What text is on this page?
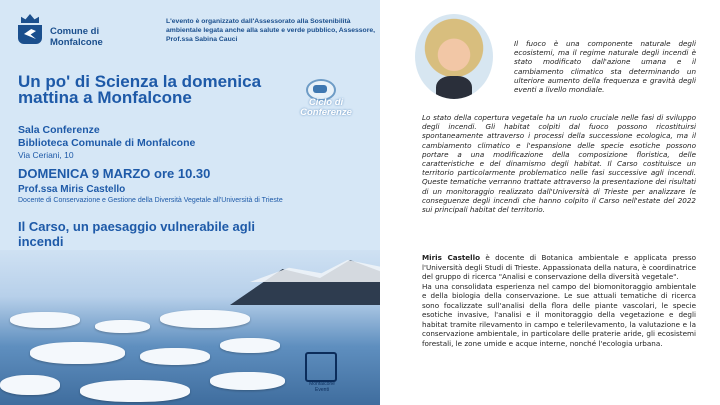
Comune di Monfalcone
L'evento è organizzato dall'Assessorato alla Sostenibilità ambientale legata anche alla salute e verde pubblico, Assessore, Prof.ssa Sabina Cauci
Un po' di Scienza la domenica mattina a Monfalcone	Ciclo di Conferenze
Sala Conferenze
Biblioteca Comunale di Monfalcone
Via Ceriani, 10
DOMENICA 9 MARZO ore 10.30
Prof.ssa Miris Castello
Docente di Conservazione e Gestione della Diversità Vegetale all'Università di Trieste
Il Carso, un paesaggio vulnerabile agli incendi
Monfalcone Eventi
Il fuoco è una componente naturale degli ecosistemi, ma il regime naturale degli incendi è stato modificato dall'azione umana e il cambiamento climatico sta determinando un ulteriore aumento della frequenza e gravità degli eventi a livello mondiale.
Lo stato della copertura vegetale ha un ruolo cruciale nelle fasi di sviluppo degli incendi. Gli habitat colpiti dal fuoco possono ricostituirsi spontaneamente attraverso i processi della successione ecologica, ma il cambiamento climatico e l'espansione delle specie esotiche possono portare a una modificazione della composizione floristica, delle caratteristiche e del dinamismo degli habitat. Il Carso costituisce un territorio particolarmente problematico nelle fasi successive agli incendi. Queste tematiche verranno trattate attraverso la presentazione dei risultati di un monitoraggio realizzato dall'Università di Trieste per analizzare le conseguenze degli incendi che hanno colpito il Carso nell'estate del 2022 sui principali habitat del territorio.
Miris Castello è docente di Botanica ambientale e applicata presso l'Università degli Studi di Trieste. Appassionata della natura, è coordinatrice del gruppo di ricerca "Analisi e conservazione della diversità vegetale".
Ha una consolidata esperienza nel campo del biomonitoraggio ambientale e della biologia della conservazione. Le sue attuali tematiche di ricerca sono focalizzate sull'analisi della flora delle piante vascolari, le specie esotiche invasive, l'analisi e il monitoraggio della vegetazione e degli habitat tramite rilevamento in campo e telerilevamento, la valutazione e la conservazione ambientale, in particolare delle praterie aride, gli ecosistemi forestali, le zone umide e acque interne, nonché l'ecologia urbana.
